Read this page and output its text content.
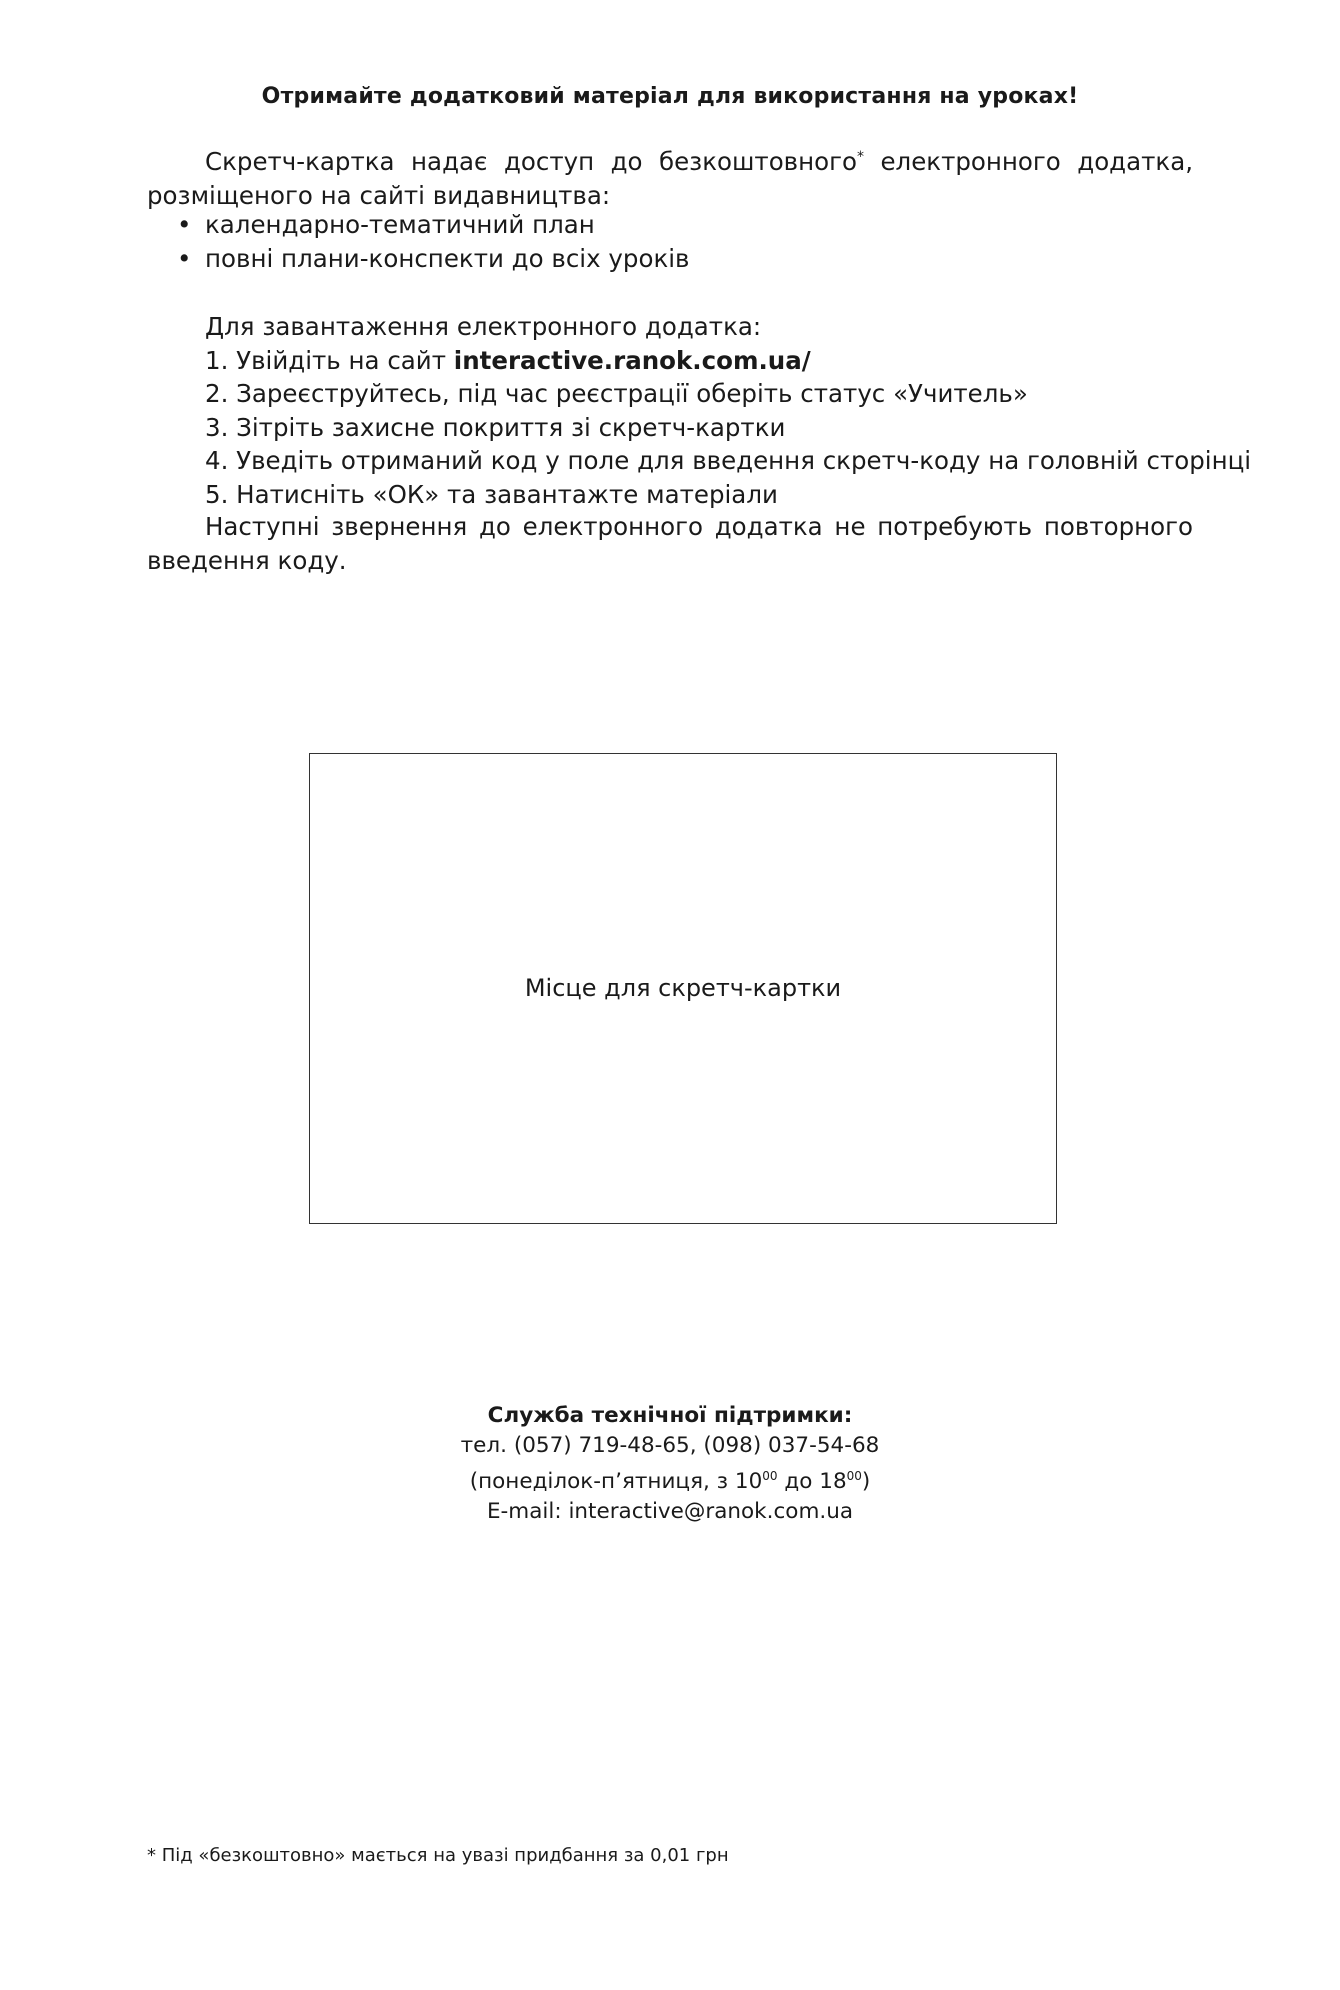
Отримайте додатковий матеріал для використання на уроках!

Скретч-картка надає доступ до безкоштовного* електронного додатка, розміщеного на сайті видавництва:

• календарно-тематичний план
• повні плани-конспекти до всіх уроків
Для завантаження електронного додатка:
1. Увійдіть на сайт interactive.ranok.com.ua/
2. Зареєструйтесь, під час реєстрації оберіть статус «Учитель»
3. Зітріть захисне покриття зі скретч-картки
4. Уведіть отриманий код у поле для введення скретч-коду на головній сторінці
5. Натисніть «ОК» та завантажте матеріали

Наступні звернення до електронного додатка не потребують повторного введення коду.

Місце для скретч-картки
Служба технічної підтримки:
тел. (057) 719-48-65, (098) 037-54-68
(понеділок-п’ятниця, з $10^{00}$ до $18^{00}$)
E-mail: interactive@ranok.com.ua
* Під «безкоштовно» мається на увазі придбання за 0,01 грн
